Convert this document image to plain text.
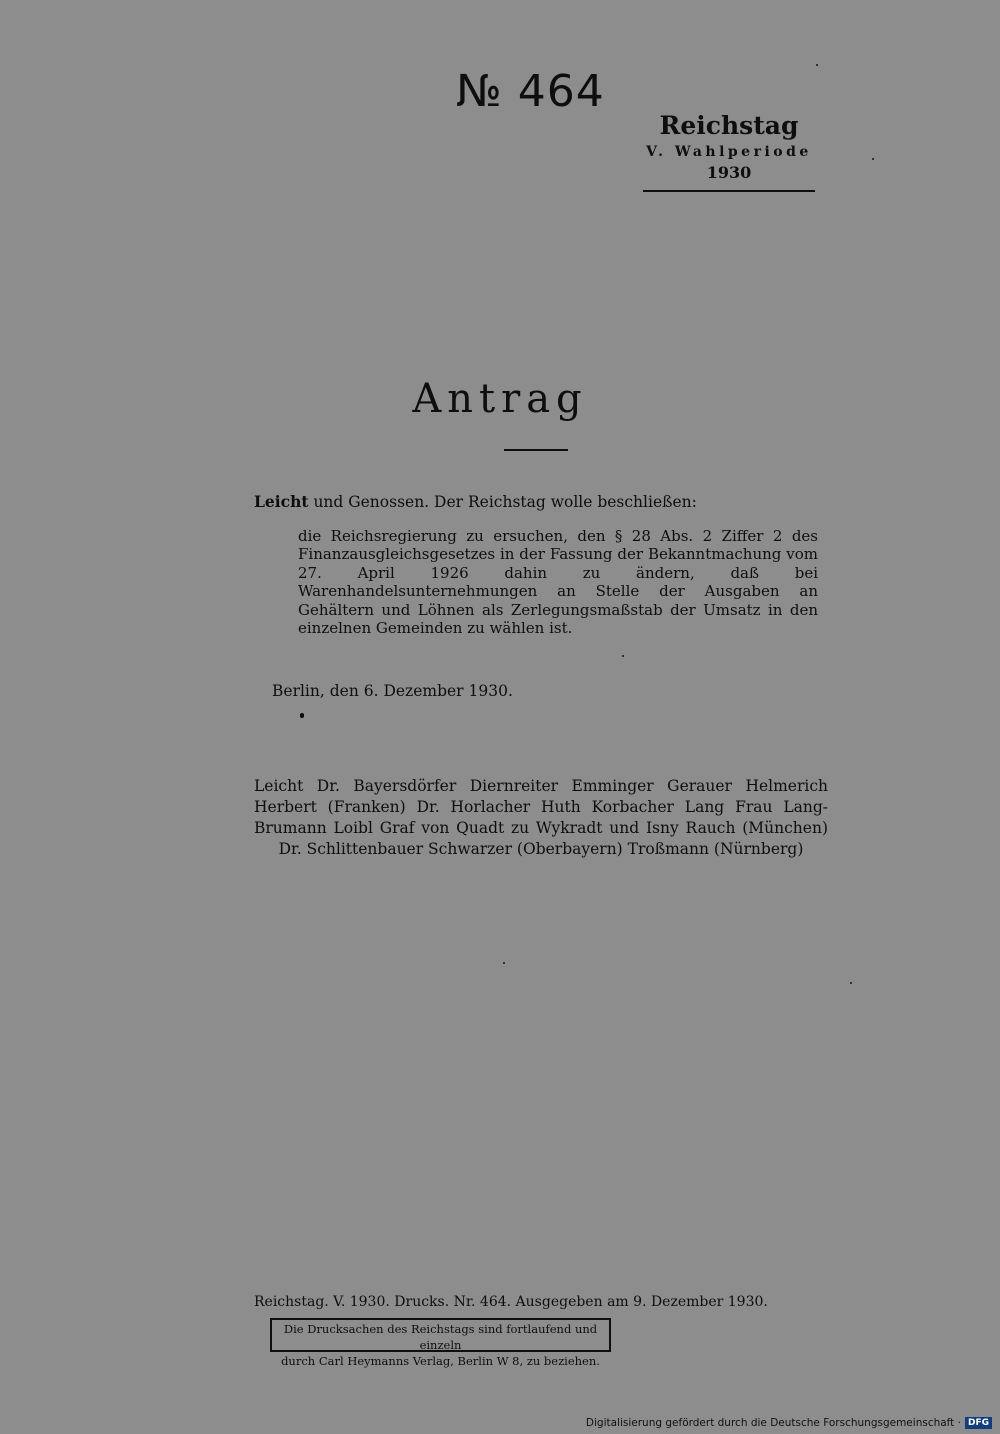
№ 464
Reichstag
V. Wahlperiode
1930
Antrag
Leicht und Genossen. Der Reichstag wolle beschließen:
die Reichsregierung zu ersuchen, den § 28 Abs. 2 Ziffer 2 des Finanzausgleichsgesetzes in der Fassung der Bekanntmachung vom 27. April 1926 dahin zu ändern, daß bei Warenhandelsunternehmungen an Stelle der Ausgaben an Gehältern und Löhnen als Zerlegungsmaßstab der Umsatz in den einzelnen Gemeinden zu wählen ist.
Berlin, den 6. Dezember 1930.
Leicht Dr. Bayersdörfer Diernreiter Emminger Gerauer Helmerich Herbert (Franken) Dr. Horlacher Huth Korbacher Lang Frau Lang-Brumann Loibl Graf von Quadt zu Wykradt und Isny Rauch (München) Dr. Schlittenbauer Schwarzer (Oberbayern) Troßmann (Nürnberg)
Reichstag. V. 1930. Drucks. Nr. 464. Ausgegeben am 9. Dezember 1930.
Die Drucksachen des Reichstags sind fortlaufend und einzeln
durch Carl Heymanns Verlag, Berlin W 8, zu beziehen.
Digitalisierung gefördert durch die Deutsche Forschungsgemeinschaft · DFG
